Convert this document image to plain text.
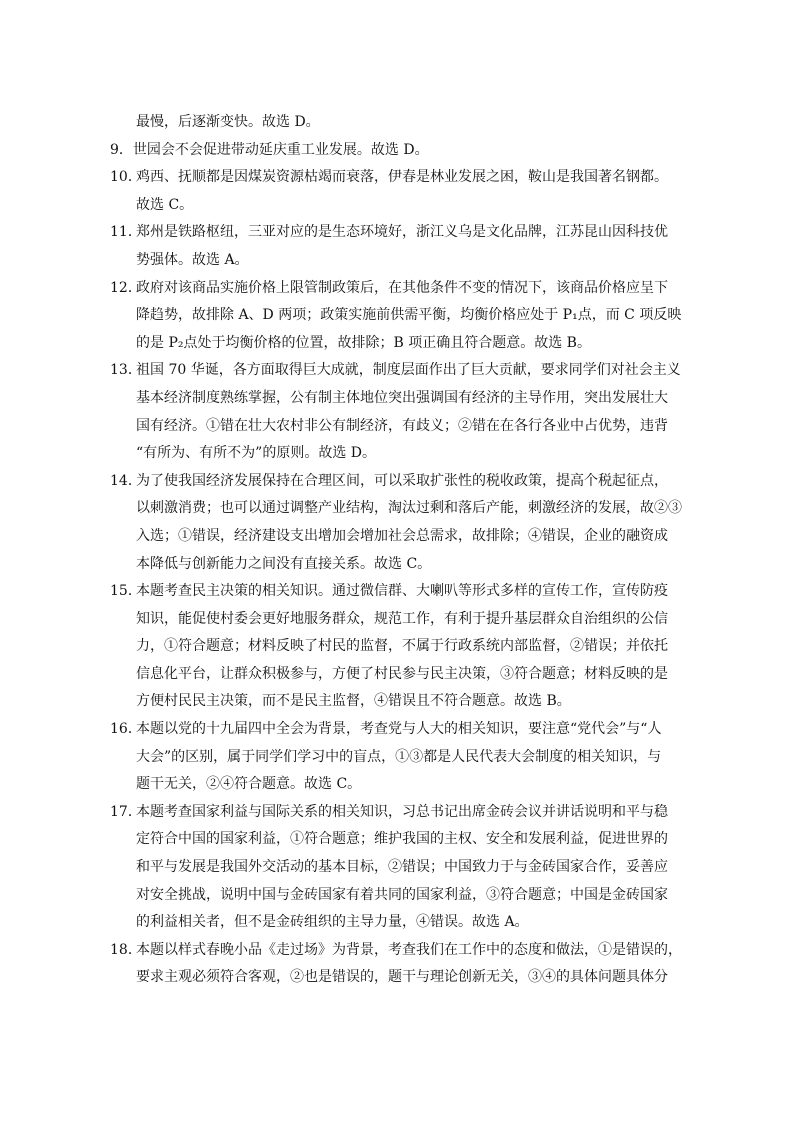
最慢，后逐渐变快。故选 D。
9．世园会不会促进带动延庆重工业发展。故选 D。
10．
鸡西、抚顺都是因煤炭资源枯竭而衰落，伊春是林业发展之困，鞍山是我国著名钢都。
故选 C。
11．
郑州是铁路枢纽，三亚对应的是生态环境好，浙江义乌是文化品牌，江苏昆山因科技优
势强体。故选 A。
12．
政府对该商品实施价格上限管制政策后，在其他条件不变的情况下，该商品价格应呈下
降趋势，故排除 A、D 两项；政策实施前供需平衡，均衡价格应处于 P₁点，而 C 项反映
的是 P₂点处于均衡价格的位置，故排除；B 项正确且符合题意。故选 B。
13．
祖国 70 华诞，各方面取得巨大成就，制度层面作出了巨大贡献，要求同学们对社会主义
基本经济制度熟练掌握，公有制主体地位突出强调国有经济的主导作用，突出发展壮大
国有经济。①错在壮大农村非公有制经济，有歧义；②错在在各行各业中占优势，违背
“有所为、有所不为”的原则。故选 D。
14．
为了使我国经济发展保持在合理区间，可以采取扩张性的税收政策，提高个税起征点，
以刺激消费；也可以通过调整产业结构，淘汰过剩和落后产能，刺激经济的发展，故②③
入选；①错误，经济建设支出增加会增加社会总需求，故排除；④错误，企业的融资成
本降低与创新能力之间没有直接关系。故选 C。
15．
本题考查民主决策的相关知识。通过微信群、大喇叭等形式多样的宣传工作，宣传防疫
知识，能促使村委会更好地服务群众，规范工作，有利于提升基层群众自治组织的公信
力，①符合题意；材料反映了村民的监督，不属于行政系统内部监督，②错误；并依托
信息化平台，让群众积极参与，方便了村民参与民主决策，③符合题意；材料反映的是
方便村民民主决策，而不是民主监督，④错误且不符合题意。故选 B。
16．
本题以党的十九届四中全会为背景，考查党与人大的相关知识，要注意“党代会”与“人
大会”的区别，属于同学们学习中的盲点，①③都是人民代表大会制度的相关知识，与
题干无关，②④符合题意。故选 C。
17．
本题考查国家利益与国际关系的相关知识，习总书记出席金砖会议并讲话说明和平与稳
定符合中国的国家利益，①符合题意；维护我国的主权、安全和发展利益，促进世界的
和平与发展是我国外交活动的基本目标，②错误；中国致力于与金砖国家合作，妥善应
对安全挑战，说明中国与金砖国家有着共同的国家利益，③符合题意；中国是金砖国家
的利益相关者，但不是金砖组织的主导力量，④错误。故选 A。
18．
本题以样式春晚小品《走过场》为背景，考查我们在工作中的态度和做法，①是错误的，
要求主观必须符合客观，②也是错误的，题干与理论创新无关，③④的具体问题具体分
